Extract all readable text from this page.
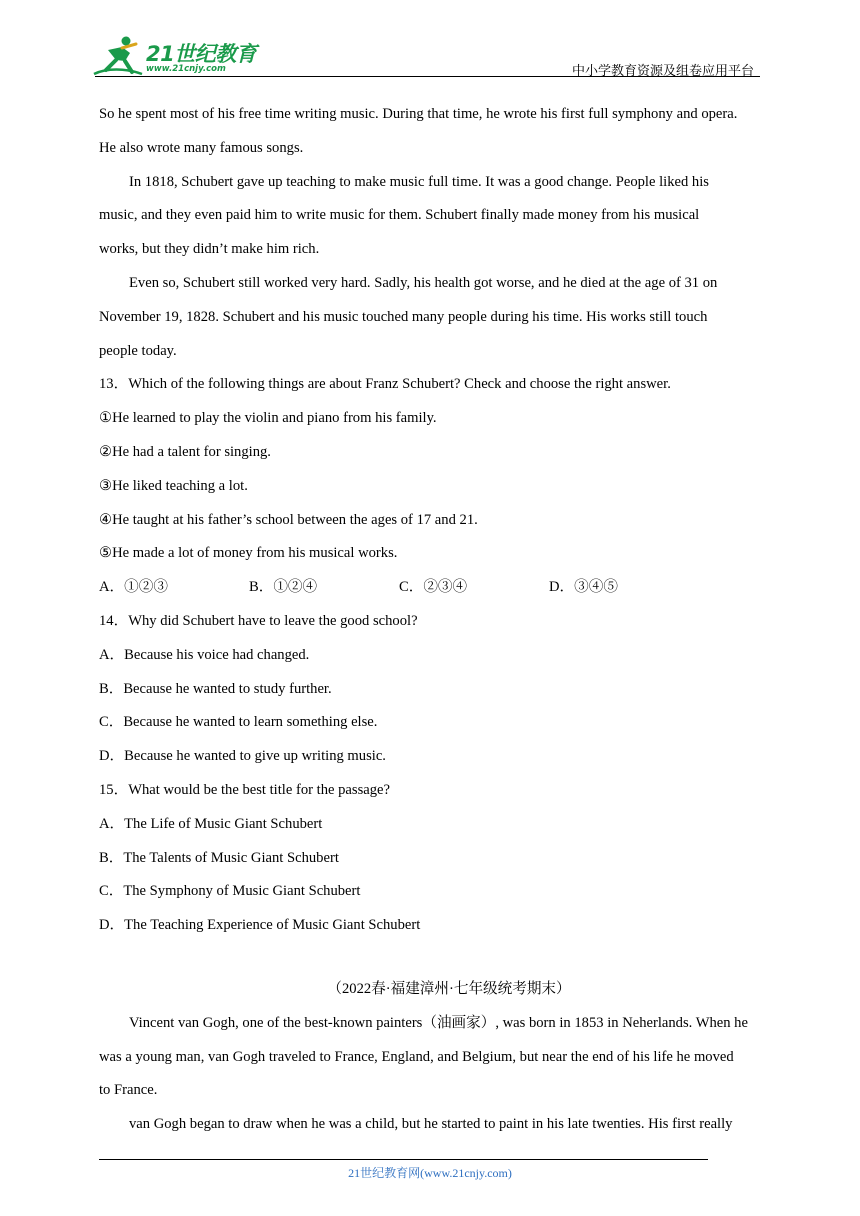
21世纪教育
www.21cnjy.com	中小学教育资源及组卷应用平台
So he spent most of his free time writing music. During that time, he wrote his first full symphony and opera.
He also wrote many famous songs.
In 1818, Schubert gave up teaching to make music full time. It was a good change. People liked his
music, and they even paid him to write music for them. Schubert finally made money from his musical
works, but they didn’t make him rich.
Even so, Schubert still worked very hard. Sadly, his health got worse, and he died at the age of 31 on
November 19, 1828. Schubert and his music touched many people during his time. His works still touch
people today.
13．Which of the following things are about Franz Schubert? Check and choose the right answer.
①He learned to play the violin and piano from his family.
②He had a talent for singing.
③He liked teaching a lot.
④He taught at his father’s school between the ages of 17 and 21.
⑤He made a lot of money from his musical works.
A．①②③	B．①②④	C．②③④	D．③④⑤
14．Why did Schubert have to leave the good school?
A．Because his voice had changed.
B．Because he wanted to study further.
C．Because he wanted to learn something else.
D．Because he wanted to give up writing music.
15．What would be the best title for the passage?
A．The Life of Music Giant Schubert
B．The Talents of Music Giant Schubert
C．The Symphony of Music Giant Schubert
D．The Teaching Experience of Music Giant Schubert
（2022春·福建漳州·七年级统考期末）
Vincent van Gogh, one of the best-known painters（油画家）, was born in 1853 in Neherlands. When he
was a young man, van Gogh traveled to France, England, and Belgium, but near the end of his life he moved
to France.
van Gogh began to draw when he was a child, but he started to paint in his late twenties. His first really
21世纪教育网(www.21cnjy.com)
